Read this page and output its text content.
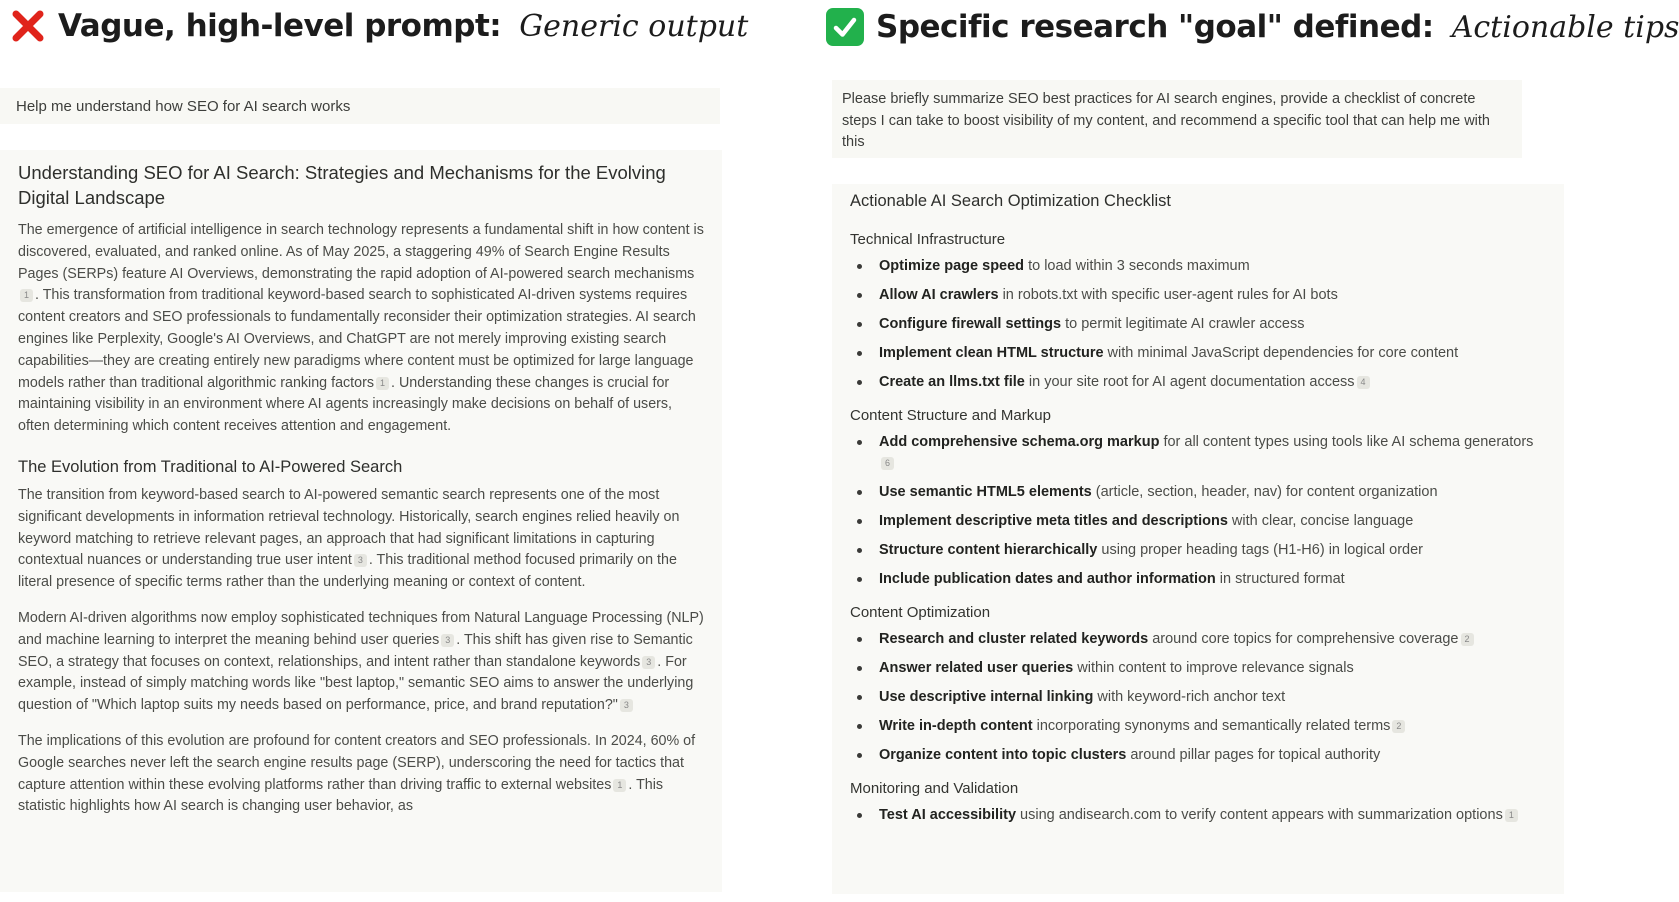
Vague, high-level prompt: Generic output	Specific research "goal" defined: Actionable tips
Help me understand how SEO for AI search works	Please briefly summarize SEO best practices for AI search engines, provide a checklist of concrete steps I can take to boost visibility of my content, and recommend a specific tool that can help me with this
Understanding SEO for AI Search: Strategies and Mechanisms for the Evolving Digital Landscape

The emergence of artificial intelligence in search technology represents a fundamental shift in how content is discovered, evaluated, and ranked online. As of May 2025, a staggering 49% of Search Engine Results Pages (SERPs) feature AI Overviews, demonstrating the rapid adoption of AI-powered search mechanisms1 . This transformation from traditional keyword-based search to sophisticated AI-driven systems requires content creators and SEO professionals to fundamentally reconsider their optimization strategies. AI search engines like Perplexity, Google's AI Overviews, and ChatGPT are not merely improving existing search capabilities—they are creating entirely new paradigms where content must be optimized for large language models rather than traditional algorithmic ranking factors 1 . Understanding these changes is crucial for maintaining visibility in an environment where AI agents increasingly make decisions on behalf of users, often determining which content receives attention and engagement.

The Evolution from Traditional to AI-Powered Search

The transition from keyword-based search to AI-powered semantic search represents one of the most significant developments in information retrieval technology. Historically, search engines relied heavily on keyword matching to retrieve relevant pages, an approach that had significant limitations in capturing contextual nuances or understanding true user intent 3 . This traditional method focused primarily on the literal presence of specific terms rather than the underlying meaning or context of content.

Modern AI-driven algorithms now employ sophisticated techniques from Natural Language Processing (NLP) and machine learning to interpret the meaning behind user queries 3 . This shift has given rise to Semantic SEO, a strategy that focuses on context, relationships, and intent rather than standalone keywords 3 . For example, instead of simply matching words like "best laptop," semantic SEO aims to answer the underlying question of "Which laptop suits my needs based on performance, price, and brand reputation?" 3

The implications of this evolution are profound for content creators and SEO professionals. In 2024, 60% of Google searches never left the search engine results page (SERP), underscoring the need for tactics that capture attention within these evolving platforms rather than driving traffic to external websites 1 . This statistic highlights how AI search is changing user behavior, as

Actionable AI Search Optimization Checklist
Technical Infrastructure
Optimize page speed to load within 3 seconds maximum
Allow AI crawlers in robots.txt with specific user-agent rules for AI bots
Configure firewall settings to permit legitimate AI crawler access
Implement clean HTML structure with minimal JavaScript dependencies for core content
Create an llms.txt file in your site root for AI agent documentation access 4
Content Structure and Markup
Add comprehensive schema.org markup for all content types using tools like AI schema generators6
Use semantic HTML5 elements (article, section, header, nav) for content organization
Implement descriptive meta titles and descriptions with clear, concise language
Structure content hierarchically using proper heading tags (H1-H6) in logical order
Include publication dates and author information in structured format
Content Optimization
Research and cluster related keywords around core topics for comprehensive coverage 2
Answer related user queries within content to improve relevance signals
Use descriptive internal linking with keyword-rich anchor text
Write in-depth content incorporating synonyms and semantically related terms 2
Organize content into topic clusters around pillar pages for topical authority
Monitoring and Validation
Test AI accessibility using andisearch.com to verify content appears with summarization options 1
